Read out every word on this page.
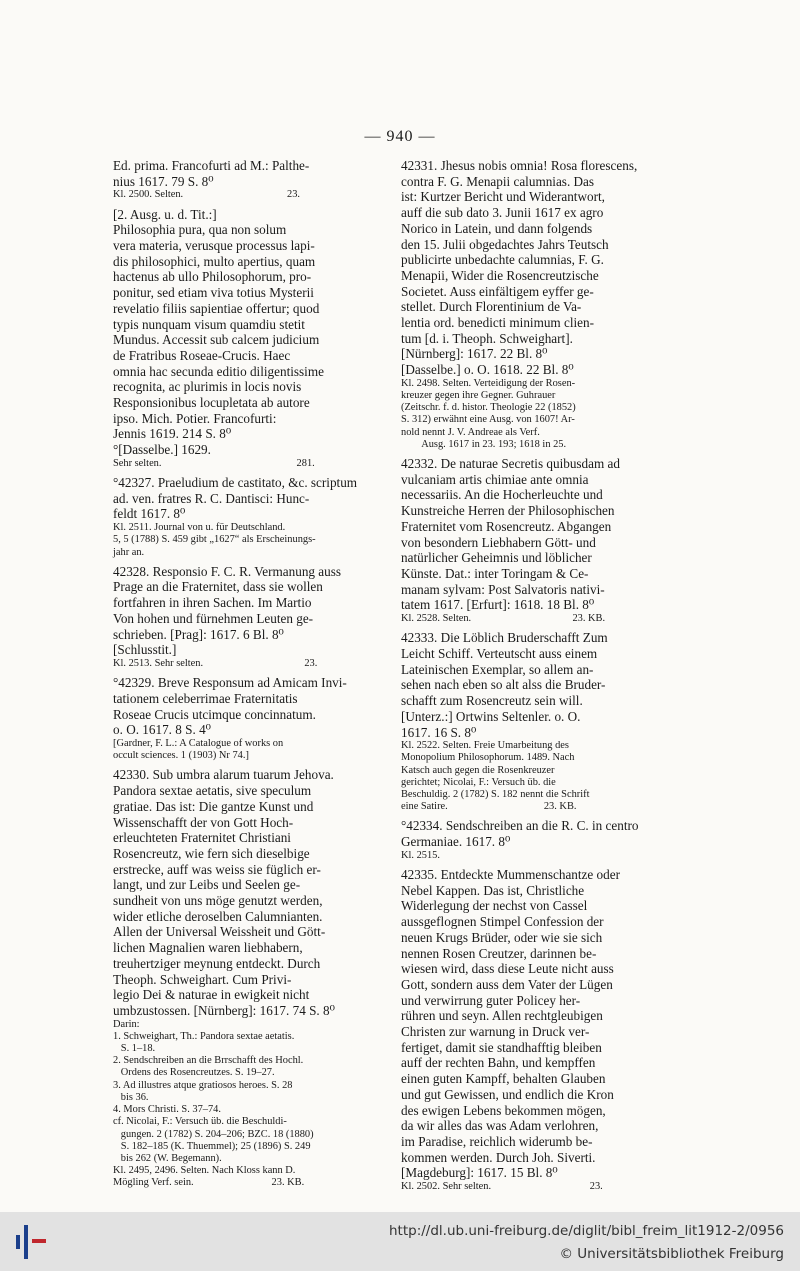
— 940 —
Ed. prima. Francofurti ad M.: Palthe-
nius 1617. 79 S. 8⁰
Kl. 2500. Selten.                                        23.
[2. Ausg. u. d. Tit.:]
Philosophia pura, qua non solum
vera materia, verusque processus lapi-
dis philosophici, multo apertius, quam
hactenus ab ullo Philosophorum, pro-
ponitur, sed etiam viva totius Mysterii
revelatio filiis sapientiae offertur; quod
typis nunquam visum quamdiu stetit
Mundus. Accessit sub calcem judicium
de Fratribus Roseae-Crucis. Haec
omnia hac secunda editio diligentissime
recognita, ac plurimis in locis novis
Responsionibus locupletata ab autore
ipso. Mich. Potier. Francofurti:
Jennis 1619. 214 S. 8⁰
°[Dasselbe.] 1629.
Sehr selten.                                                    281.
°42327. Praeludium de castitato, &c. scriptum
ad. ven. fratres R. C. Dantisci: Hunc-
feldt 1617. 8⁰
Kl. 2511. Journal von u. für Deutschland.
5, 5 (1788) S. 459 gibt „1627“ als Erscheinungs-
jahr an.
42328. Responsio F. C. R. Vermanung auss
Prage an die Fraternitet, dass sie wollen
fortfahren in ihren Sachen. Im Martio
Von hohen und fürnehmen Leuten ge-
schrieben. [Prag]: 1617. 6 Bl. 8⁰
[Schlusstit.]
Kl. 2513. Sehr selten.                                       23.
°42329. Breve Responsum ad Amicam Invi-
tationem celeberrimae Fraternitatis
Roseae Crucis utcimque concinnatum.
o. O. 1617. 8 S. 4⁰
[Gardner, F. L.: A Catalogue of works on
occult sciences. 1 (1903) Nr 74.]
42330. Sub umbra alarum tuarum Jehova.
Pandora sextae aetatis, sive speculum
gratiae. Das ist: Die gantze Kunst und
Wissenschafft der von Gott Hoch-
erleuchteten Fraternitet Christiani
Rosencreutz, wie fern sich dieselbige
erstrecke, auff was weiss sie füglich er-
langt, und zur Leibs und Seelen ge-
sundheit von uns möge genutzt werden,
wider etliche deroselben Calumnianten.
Allen der Universal Weissheit und Gött-
lichen Magnalien waren liebhabern,
treuhertziger meynung entdeckt. Durch
Theoph. Schweighart. Cum Privi-
legio Dei & naturae in ewigkeit nicht
umbzustossen. [Nürnberg]: 1617. 74 S. 8⁰
Darin:
1. Schweighart, Th.: Pandora sextae aetatis.
S. 1–18.
2. Sendschreiben an die Brrschafft des Hochl.
Ordens des Rosencreutzes. S. 19–27.
3. Ad illustres atque gratiosos heroes. S. 28
bis 36.
4. Mors Christi. S. 37–74.
cf. Nicolai, F.: Versuch üb. die Beschuldi-
gungen. 2 (1782) S. 204–206; BZC. 18 (1880)
S. 182–185 (K. Thuemmel); 25 (1896) S. 249
bis 262 (W. Begemann).
Kl. 2495, 2496. Selten. Nach Kloss kann D.
Mögling Verf. sein.                              23. KB.
42331. Jhesus nobis omnia! Rosa florescens,
contra F. G. Menapii calumnias. Das
ist: Kurtzer Bericht und Widerantwort,
auff die sub dato 3. Junii 1617 ex agro
Norico in Latein, und dann folgends
den 15. Julii obgedachtes Jahrs Teutsch
publicirte unbedachte calumnias, F. G.
Menapii, Wider die Rosencreutzische
Societet. Auss einfältigem eyffer ge-
stellet. Durch Florentinium de Va-
lentia ord. benedicti minimum clien-
tum [d. i. Theoph. Schweighart].
[Nürnberg]: 1617. 22 Bl. 8⁰
[Dasselbe.] o. O. 1618. 22 Bl. 8⁰
Kl. 2498. Selten. Verteidigung der Rosen-
kreuzer gegen ihre Gegner. Guhrauer
(Zeitschr. f. d. histor. Theologie 22 (1852)
S. 312) erwähnt eine Ausg. von 1607! Ar-
nold nennt J. V. Andreae als Verf.
Ausg. 1617 in 23. 193; 1618 in 25.
42332. De naturae Secretis quibusdam ad
vulcaniam artis chimiae ante omnia
necessariis. An die Hocherleuchte und
Kunstreiche Herren der Philosophischen
Fraternitet vom Rosencreutz. Abgangen
von besondern Liebhabern Gött- und
natürlicher Geheimnis und löblicher
Künste. Dat.: inter Toringam & Ce-
manam sylvam: Post Salvatoris nativi-
tatem 1617. [Erfurt]: 1618. 18 Bl. 8⁰
Kl. 2528. Selten.                                       23. KB.
42333. Die Löblich Bruderschafft Zum
Leicht Schiff. Verteutscht auss einem
Lateinischen Exemplar, so allem an-
sehen nach eben so alt alss die Bruder-
schafft zum Rosencreutz sein will.
[Unterz.:] Ortwins Seltenler. o. O.
1617. 16 S. 8⁰
Kl. 2522. Selten. Freie Umarbeitung des
Monopolium Philosophorum. 1489. Nach
Katsch auch gegen die Rosenkreuzer
gerichtet; Nicolai, F.: Versuch üb. die
Beschuldig. 2 (1782) S. 182 nennt die Schrift
eine Satire.                                     23. KB.
°42334. Sendschreiben an die R. C. in centro
Germaniae. 1617. 8⁰
Kl. 2515.
42335. Entdeckte Mummenschantze oder
Nebel Kappen. Das ist, Christliche
Widerlegung der nechst von Cassel
aussgeflognen Stimpel Confession der
neuen Krugs Brüder, oder wie sie sich
nennen Rosen Creutzer, darinnen be-
wiesen wird, dass diese Leute nicht auss
Gott, sondern auss dem Vater der Lügen
und verwirrung guter Policey her-
rühren und seyn. Allen rechtgleubigen
Christen zur warnung in Druck ver-
fertiget, damit sie standhafftig bleiben
auff der rechten Bahn, und kempffen
einen guten Kampff, behalten Glauben
und gut Gewissen, und endlich die Kron
des ewigen Lebens bekommen mögen,
da wir alles das was Adam verlohren,
im Paradise, reichlich widerumb be-
kommen werden. Durch Joh. Siverti.
[Magdeburg]: 1617. 15 Bl. 8⁰
Kl. 2502. Sehr selten.                                      23.
http://dl.ub.uni-freiburg.de/diglit/bibl_freim_lit1912-2/0956
© Universitätsbibliothek Freiburg
